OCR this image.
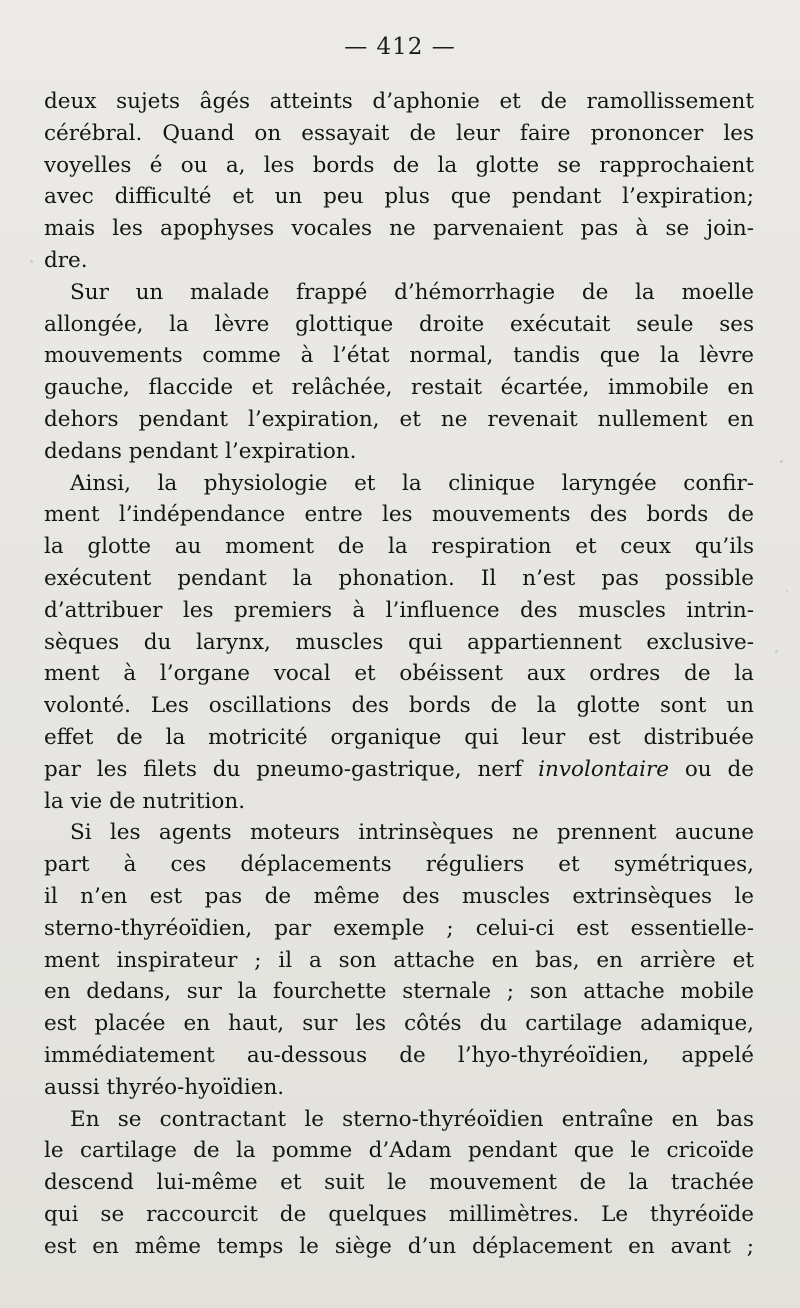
— 412 —
deux sujets âgés atteints d’aphonie et de ramollissement
cérébral. Quand on essayait de leur faire prononcer les
voyelles é ou a, les bords de la glotte se rapprochaient
avec difficulté et un peu plus que pendant l’expiration;
mais les apophyses vocales ne parvenaient pas à se join-
dre.
Sur un malade frappé d’hémorrhagie de la moelle
allongée, la lèvre glottique droite exécutait seule ses
mouvements comme à l’état normal, tandis que la lèvre
gauche, flaccide et relâchée, restait écartée, immobile en
dehors pendant l’expiration, et ne revenait nullement en
dedans pendant l’expiration.
Ainsi, la physiologie et la clinique laryngée confir-
ment l’indépendance entre les mouvements des bords de
la glotte au moment de la respiration et ceux qu’ils
exécutent pendant la phonation. Il n’est pas possible
d’attribuer les premiers à l’influence des muscles intrin-
sèques du larynx, muscles qui appartiennent exclusive-
ment à l’organe vocal et obéissent aux ordres de la
volonté. Les oscillations des bords de la glotte sont un
effet de la motricité organique qui leur est distribuée
par les filets du pneumo-gastrique, nerf involontaire ou de
la vie de nutrition.
Si les agents moteurs intrinsèques ne prennent aucune
part à ces déplacements réguliers et symétriques,
il n’en est pas de même des muscles extrinsèques le
sterno-thyréoïdien, par exemple ; celui-ci est essentielle-
ment inspirateur ; il a son attache en bas, en arrière et
en dedans, sur la fourchette sternale ; son attache mobile
est placée en haut, sur les côtés du cartilage adamique,
immédiatement au-dessous de l’hyo-thyréoïdien, appelé
aussi thyréo-hyoïdien.
En se contractant le sterno-thyréoïdien entraîne en bas
le cartilage de la pomme d’Adam pendant que le cricoïde
descend lui-même et suit le mouvement de la trachée
qui se raccourcit de quelques millimètres. Le thyréoïde
est en même temps le siège d’un déplacement en avant ;
